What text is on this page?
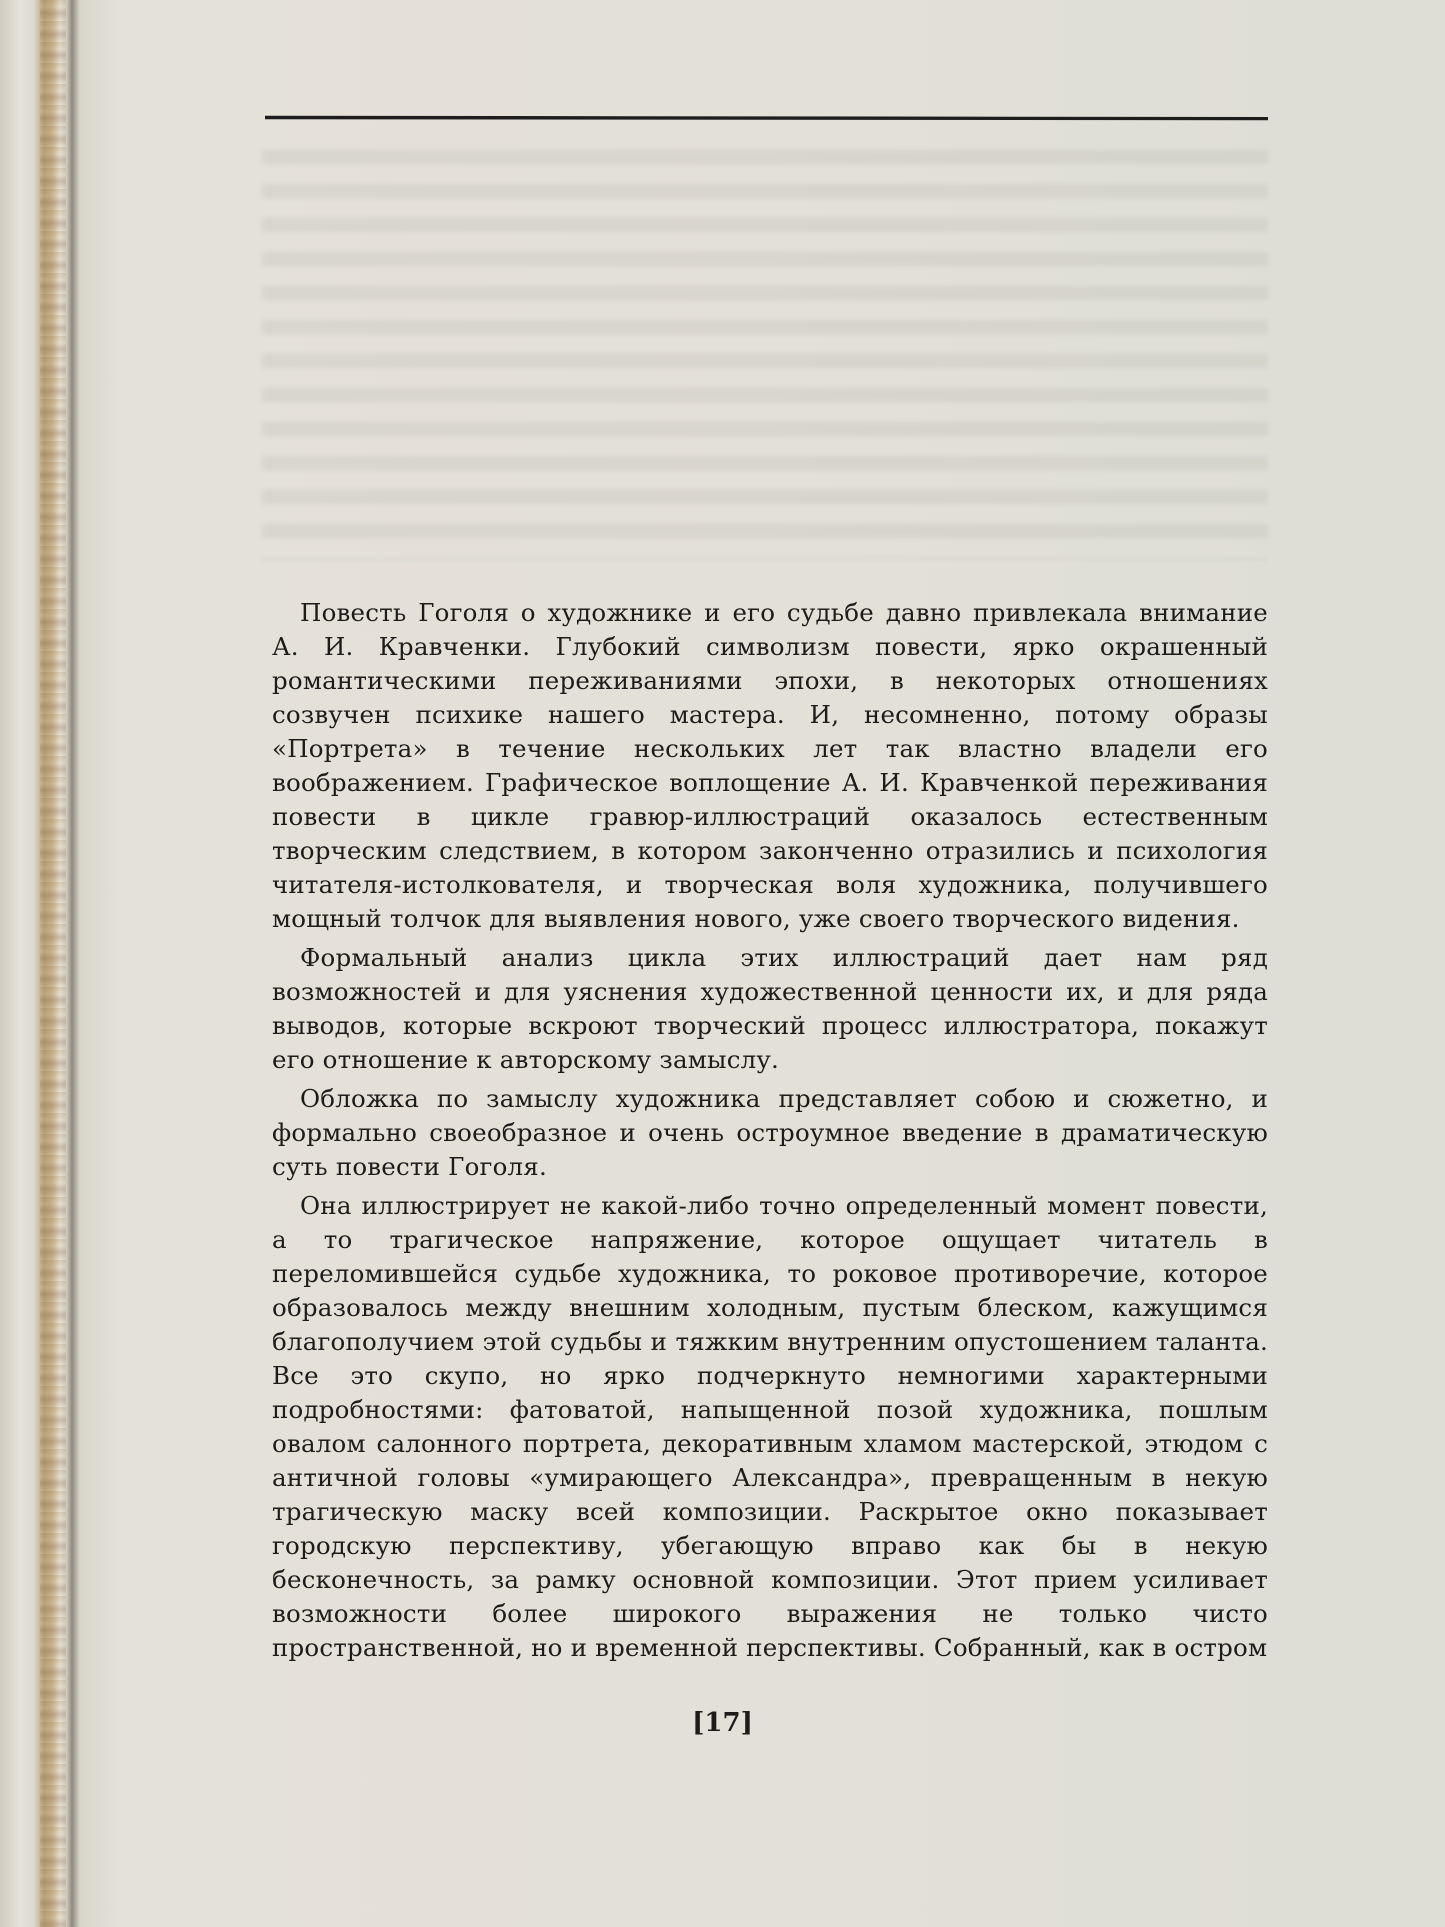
Повесть Гоголя о художнике и его судьбе давно привлекала внимание А. И. Кравченки. Глубокий символизм повести, ярко окрашенный романтическими переживаниями эпохи, в некоторых отношениях созвучен психике нашего мастера. И, несомненно, потому образы «Портрета» в течение нескольких лет так властно владели его воображением. Графическое воплощение А. И. Кравченкой переживания повести в цикле гравюр-иллюстраций оказалось естественным творческим следствием, в котором законченно отразились и психология читателя-истолкователя, и творческая воля художника, получившего мощный толчок для выявления нового, уже своего творческого видения.

Формальный анализ цикла этих иллюстраций дает нам ряд возможностей и для уяснения художественной ценности их, и для ряда выводов, которые вскроют творческий процесс иллюстратора, покажут его отношение к авторскому замыслу.

Обложка по замыслу художника представляет собою и сюжетно, и формально своеобразное и очень остроумное введение в драматическую суть повести Гоголя.

Она иллюстрирует не какой-либо точно определенный момент повести, а то трагическое напряжение, которое ощущает читатель в переломившейся судьбе художника, то роковое противоречие, которое образовалось между внешним холодным, пустым блеском, кажущимся благополучием этой судьбы и тяжким внутренним опустошением таланта. Все это скупо, но ярко подчеркнуто немногими характерными подробностями: фатоватой, напыщенной позой художника, пошлым овалом салонного портрета, декоративным хламом мастерской, этюдом с античной головы «умирающего Александра», превращенным в некую трагическую маску всей композиции. Раскрытое окно показывает городскую перспективу, убегающую вправо как бы в некую бесконечность, за рамку основной композиции. Этот прием усиливает возможности более широкого выражения не только чисто пространственной, но и временной перспективы. Собранный, как в остром

[17]
